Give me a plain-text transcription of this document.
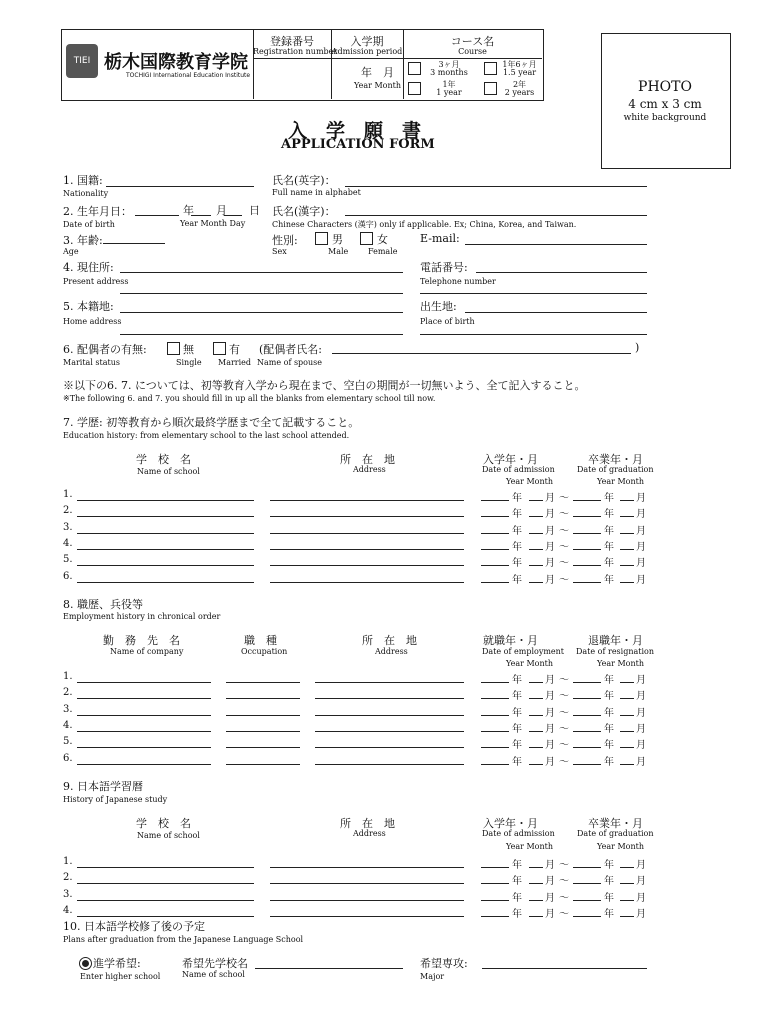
TIEI 栃木国際教育学院
TOCHIGI International Education Institute
登録番号
Registration number
入学期
Admission period
年　月
Year Month
コース名
Course
3ヶ月
3 months
1年6ヶ月
1.5 year
1年
1 year
2年
2 years	PHOTO
4 cm x 3 cm
white background
入　学　願　書
APPLICATION FORM
1. 国籍:
Nationality
氏名(英字)：
Full name in alphabet
2. 生年月日：	年　　月　　日
Date of birth	Year Month Day
氏名(漢字)：
Chinese Characters (漢字) only if applicable. Ex; China, Korea, and Taiwan.
3. 年齢:
Age
性別:	男	女
Sex	Male Female
E-mail:
4. 現住所:
Present address
電話番号:
Telephone number
5. 本籍地:
Home address
出生地:
Place of birth
6. 配偶者の有無:	無	有 (配偶者氏名:	)
Marital status	Single Married Name of spouse
※以下の6. 7. については、初等教育入学から現在まで、空白の期間が一切無いよう、全て記入すること。
※The following 6. and 7. you should fill in up all the blanks from elementary school till now.
7. 学歴: 初等教育から順次最終学歴まで全て記載すること。
Education history: from elementary school to the last school attended.
学　校　名
Name of school
所　在　地
Address
入学年・月
Date of admission
Year Month
卒業年・月
Date of graduation
Year Month
1.	年 月 〜	年 月
2.	年 月 〜	年 月
3.	年 月 〜	年 月
4.	年 月 〜	年 月
5.	年 月 〜	年 月
6.	年 月 〜	年 月
8. 職歴、兵役等
Employment history in chronical order
勤　務　先　名
Name of company
職　種
Occupation
所　在　地
Address
就職年・月
Date of employment
Year Month
退職年・月
Date of resignation
Year Month
1.	年 月 〜	年 月
2.	年 月 〜	年 月
3.	年 月 〜	年 月
4.	年 月 〜	年 月
5.	年 月 〜	年 月
6.	年 月 〜	年 月
9. 日本語学習暦
History of Japanese study
学　校　名
Name of school
所　在　地
Address
入学年・月
Date of admission
Year Month
卒業年・月
Date of graduation
Year Month
1.	年 月 〜	年 月
2.	年 月 〜	年 月
3.	年 月 〜	年 月
4.	年 月 〜	年 月
10. 日本語学校修了後の予定
Plans after graduation from the Japanese Language School
進学希望:
Enter higher school
希望先学校名
Name of school
希望専攻:
Major
